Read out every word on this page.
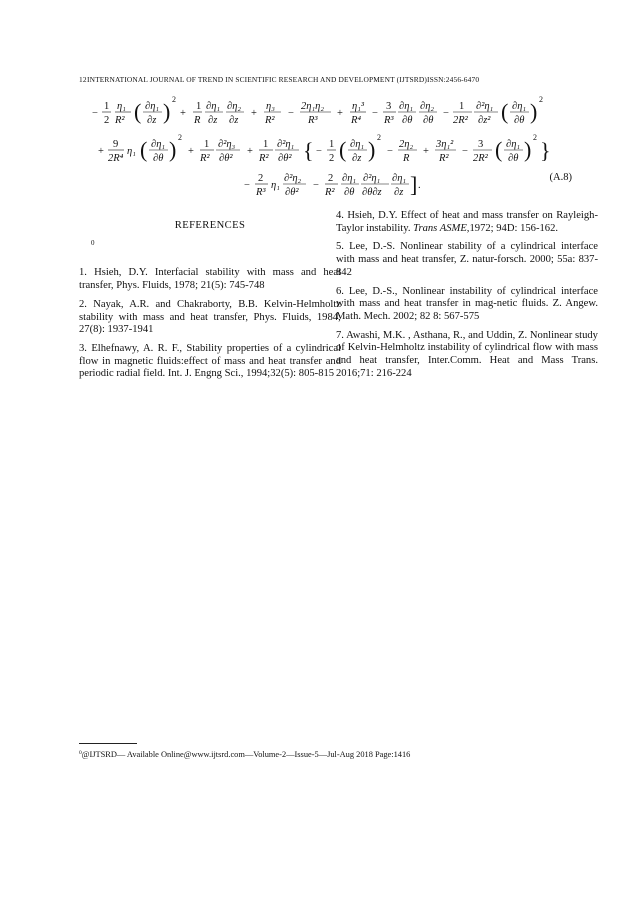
12 INTERNATIONAL JOURNAL OF TREND IN SCIENTIFIC RESEARCH AND DEVELOPMENT (IJTSRD)ISSN:2456-6470
−
1
2
η₁
R² ( ∂η₁
∂z ) 2
+
1
R
∂η₁
∂z
∂η₂
∂z
+
η₃
R²
−
2η₁η₂
R³
+
η₁³
R⁴
−
3
R³
∂η₁
∂θ
∂η₂
∂θ
−
1
2R²
∂²η₁
∂z² ( ∂η₁
∂θ ) 2
+
9
2R⁴
η₁ ( ∂η₁
∂θ ) 2
+
1
R²
∂²η₃
∂θ²
+
1
R²
∂²η₁
∂θ² { −
1
2 ( ∂η₁
∂z ) 2
−
2η₂
R
+
3η₁²
R²
−
3
2R² ( ∂η₁
∂θ ) 2
}
−
2
R³
η₁
∂²η₂
∂θ²
−
2
R²
∂η₁
∂θ
∂²η₁
∂θ∂z
∂η₁
∂z ] .
(A.8)
REFERENCES
0

1. Hsieh, D.Y. Interfacial stability with mass and heat transfer, Phys. Fluids, 1978; 21(5): 745-748

2. Nayak, A.R. and Chakraborty, B.B. Kelvin-Helmholtz stability with mass and heat transfer, Phys. Fluids, 1984; 27(8): 1937-1941

3. Elhefnawy, A. R. F., Stability properties of a cylindrical flow in magnetic fluids:effect of mass and heat transfer and periodic radial field. Int. J. Engng Sci., 1994;32(5): 805-815

4. Hsieh, D.Y. Effect of heat and mass transfer on Rayleigh-Taylor instability. Trans ASME,1972; 94D: 156-162.

5. Lee, D.-S. Nonlinear stability of a cylindrical interface with mass and heat transfer, Z. natur-forsch. 2000; 55a: 837-842

6. Lee, D.-S., Nonlinear instability of cylindrical interface with mass and heat transfer in mag-netic fluids. Z. Angew. Math. Mech. 2002; 82 8: 567-575

7. Awashi, M.K. , Asthana, R., and Uddin, Z. Nonlinear study of Kelvin-Helmholtz instability of cylindrical flow with mass and heat transfer, Inter.Comm. Heat and Mass Trans. 2016;71: 216-224

$^0$@IJTSRD— Available Online@www.ijtsrd.com—Volume-2—Issue-5—Jul-Aug 2018 Page:1416
